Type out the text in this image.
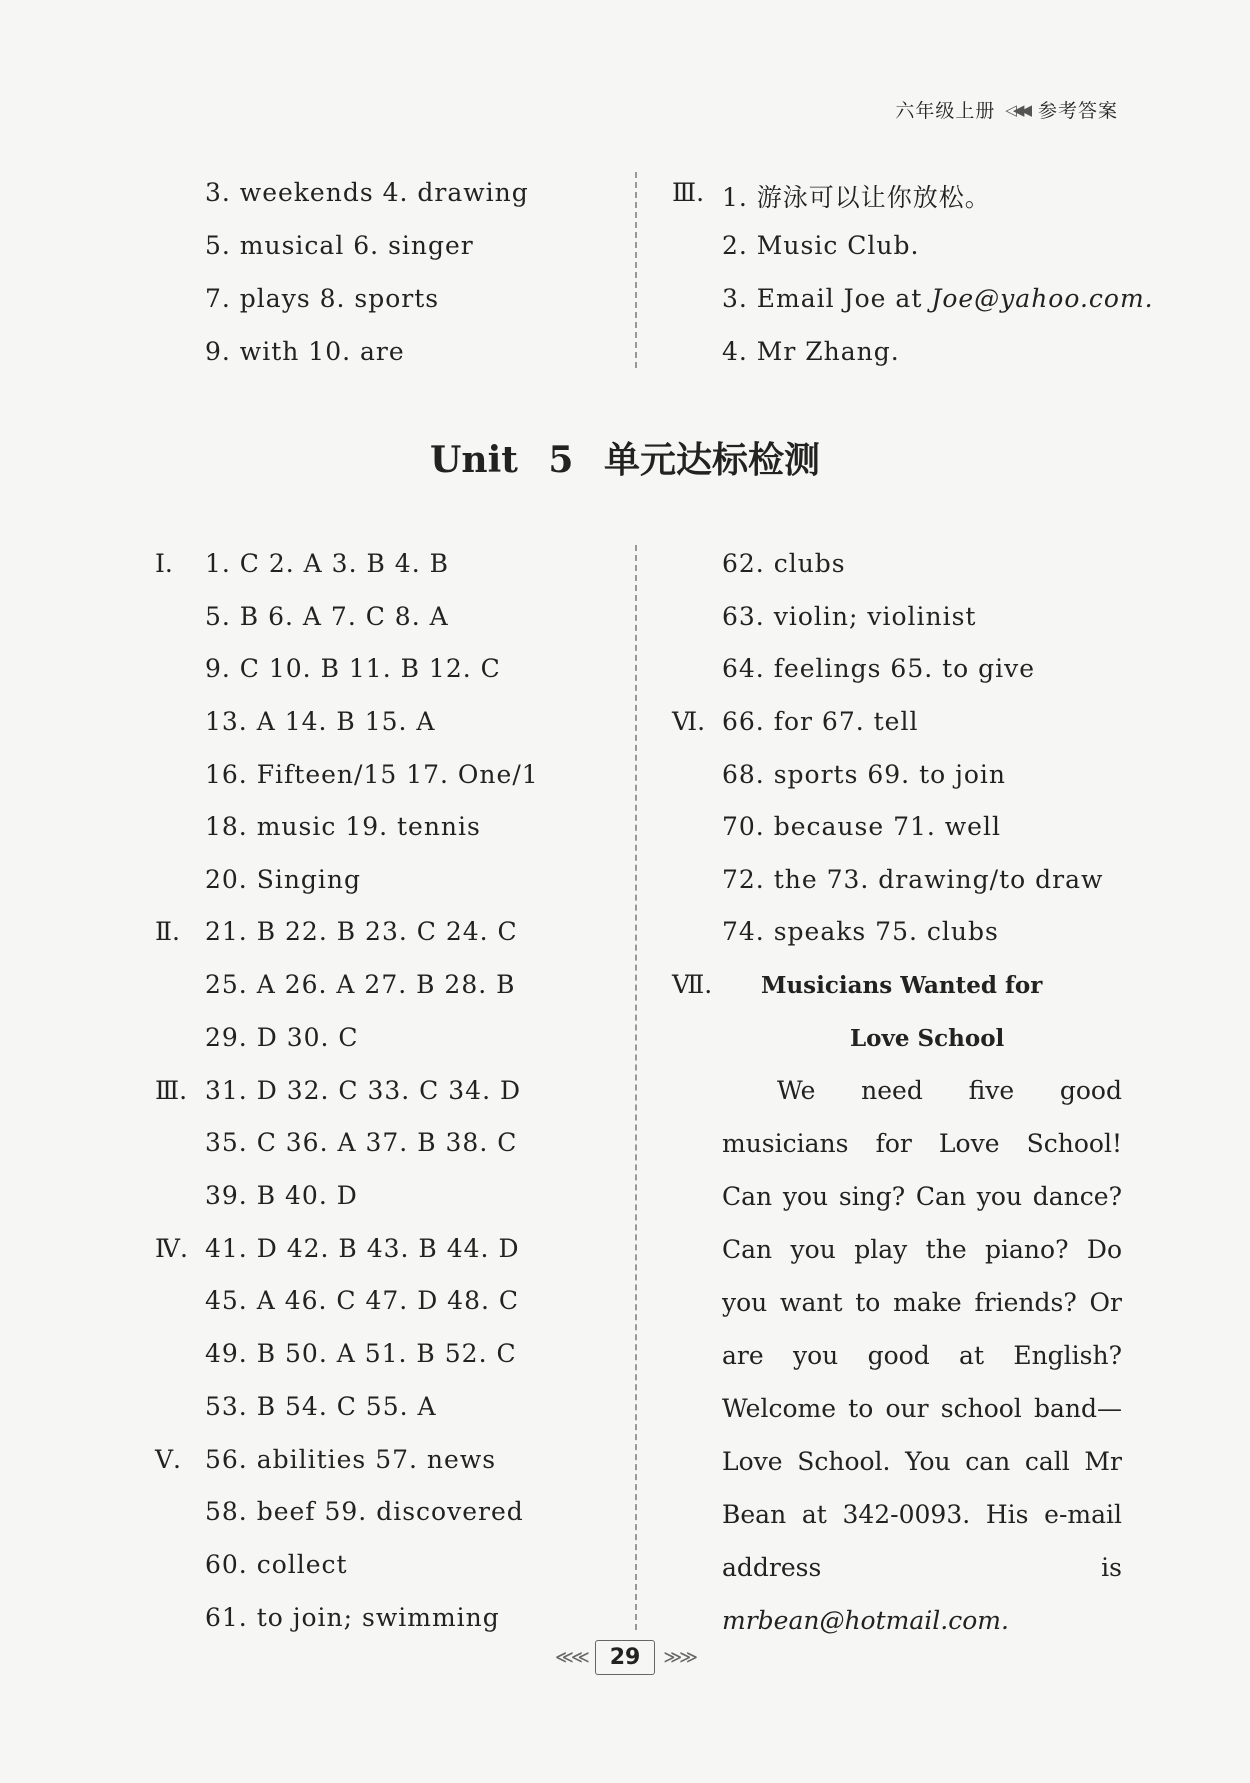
六年级上册 ◁◀◀ 参考答案
3. weekends 4. drawing
5. musical 6. singer
7. plays 8. sports
9. with 10. are
Ⅲ. 1. 游泳可以让你放松。
2. Music Club.
3. Email Joe at Joe@yahoo.com.
4. Mr Zhang.
Unit 5 单元达标检测
Ⅰ.
Ⅱ.
Ⅲ.
Ⅳ.
Ⅴ.
1. C 2. A 3. B 4. B
5. B 6. A 7. C 8. A
9. C 10. B 11. B 12. C
13. A 14. B 15. A
16. Fifteen/15 17. One/1
18. music 19. tennis
20. Singing
21. B 22. B 23. C 24. C
25. A 26. A 27. B 28. B
29. D 30. C
31. D 32. C 33. C 34. D
35. C 36. A 37. B 38. C
39. B 40. D
41. D 42. B 43. B 44. D
45. A 46. C 47. D 48. C
49. B 50. A 51. B 52. C
53. B 54. C 55. A
56. abilities 57. news
58. beef 59. discovered
60. collect
61. to join; swimming
Ⅵ.
Ⅶ.
62. clubs
63. violin; violinist
64. feelings 65. to give
66. for 67. tell
68. sports 69. to join
70. because 71. well
72. the 73. drawing/to draw
74. speaks 75. clubs
Musicians Wanted for
Love School

We need five good musicians for Love School! Can you sing? Can you dance? Can you play the piano? Do you want to make friends? Or are you good at English? Welcome to our school band—Love School. You can call Mr Bean at 342-0093. His e-mail address is mrbean@hotmail.com.

≪≪	29	≫≫
